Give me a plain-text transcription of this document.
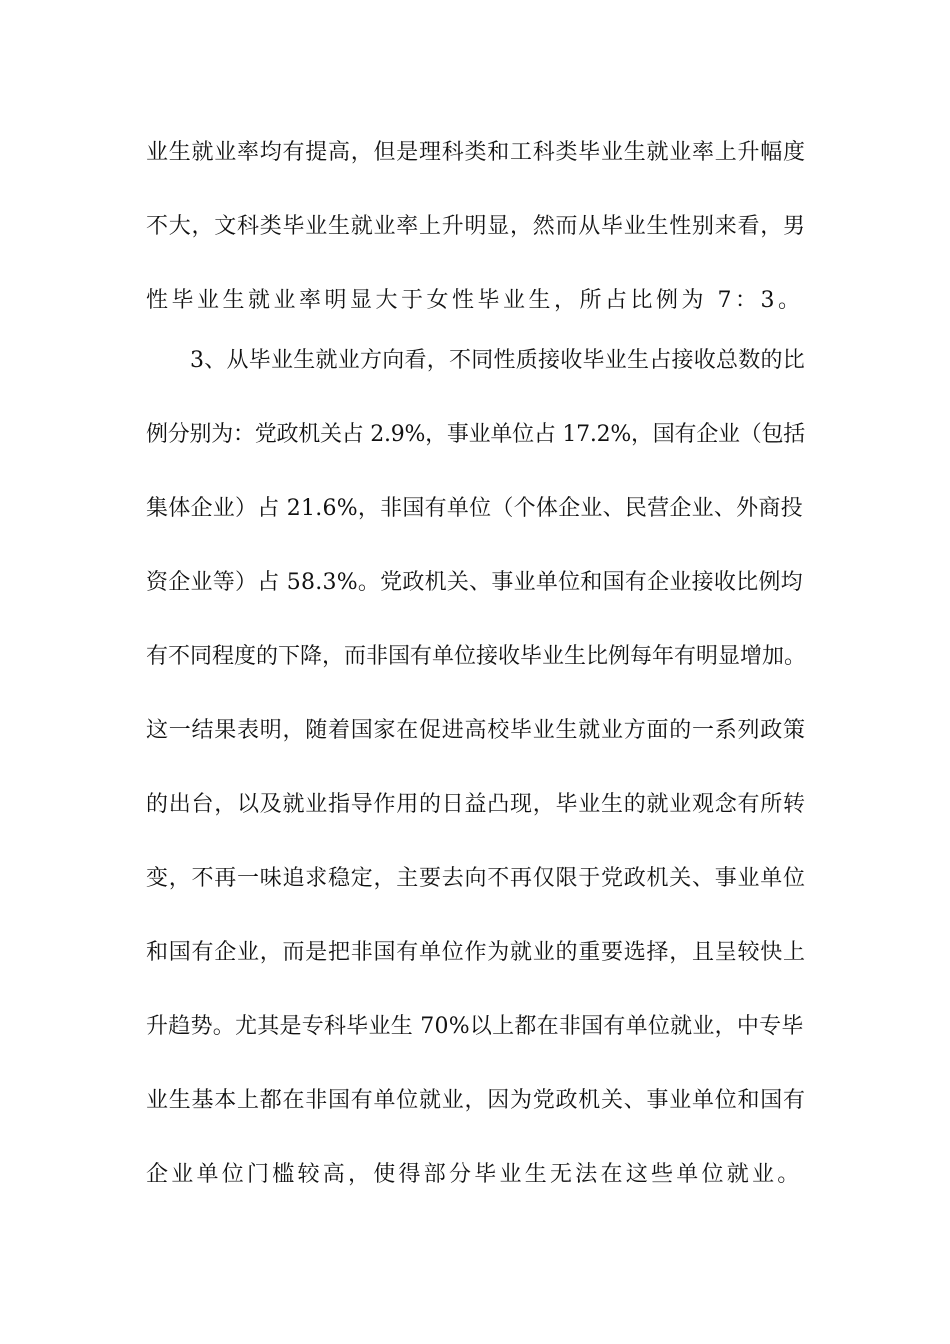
业生就业率均有提高，但是理科类和工科类毕业生就业率上升幅度
不大，文科类毕业生就业率上升明显，然而从毕业生性别来看，男
性毕业生就业率明显大于女性毕业生，所占比例为 7：3。
3、从毕业生就业方向看，不同性质接收毕业生占接收总数的比
例分别为：党政机关占 2.9%，事业单位占 17.2%，国有企业（包括
集体企业）占 21.6%，非国有单位（个体企业、民营企业、外商投
资企业等）占 58.3%。党政机关、事业单位和国有企业接收比例均
有不同程度的下降，而非国有单位接收毕业生比例每年有明显增加。
这一结果表明，随着国家在促进高校毕业生就业方面的一系列政策
的出台，以及就业指导作用的日益凸现，毕业生的就业观念有所转
变，不再一味追求稳定，主要去向不再仅限于党政机关、事业单位
和国有企业，而是把非国有单位作为就业的重要选择，且呈较快上
升趋势。尤其是专科毕业生 70%以上都在非国有单位就业，中专毕
业生基本上都在非国有单位就业，因为党政机关、事业单位和国有
企业单位门槛较高，使得部分毕业生无法在这些单位就业。
